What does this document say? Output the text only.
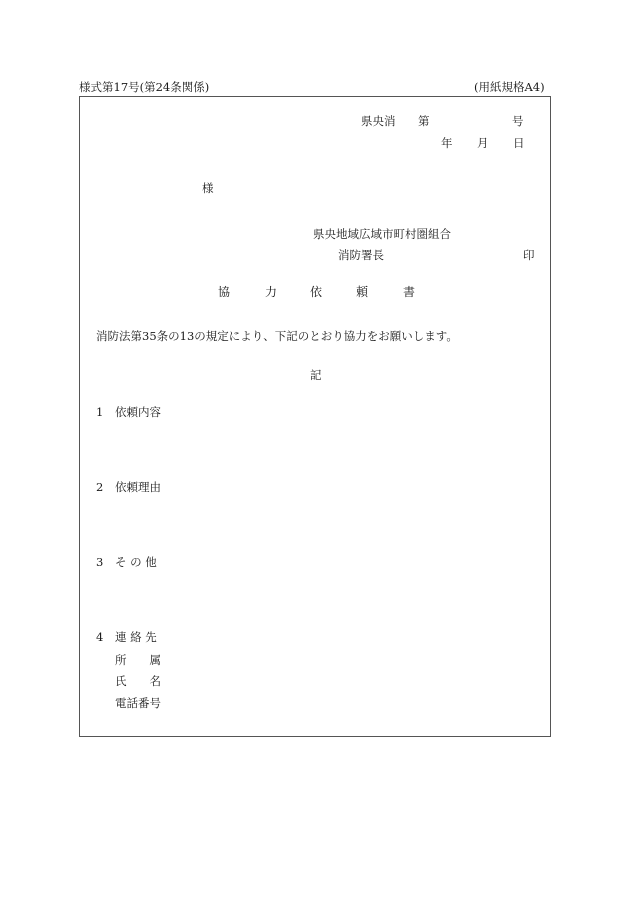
様式第17号(第24条関係)	(用紙規格A4)
県央消 第	号
年 月 日
様
県央地域広域市町村圏組合
消防署長	印
協	力	依	頼	書
消防法第35条の13の規定により、下記のとおり協力をお願いします。
記
1 依頼内容
2 依頼理由
3 そ の 他
4 連 絡 先
所　　属
氏　　名
電話番号
